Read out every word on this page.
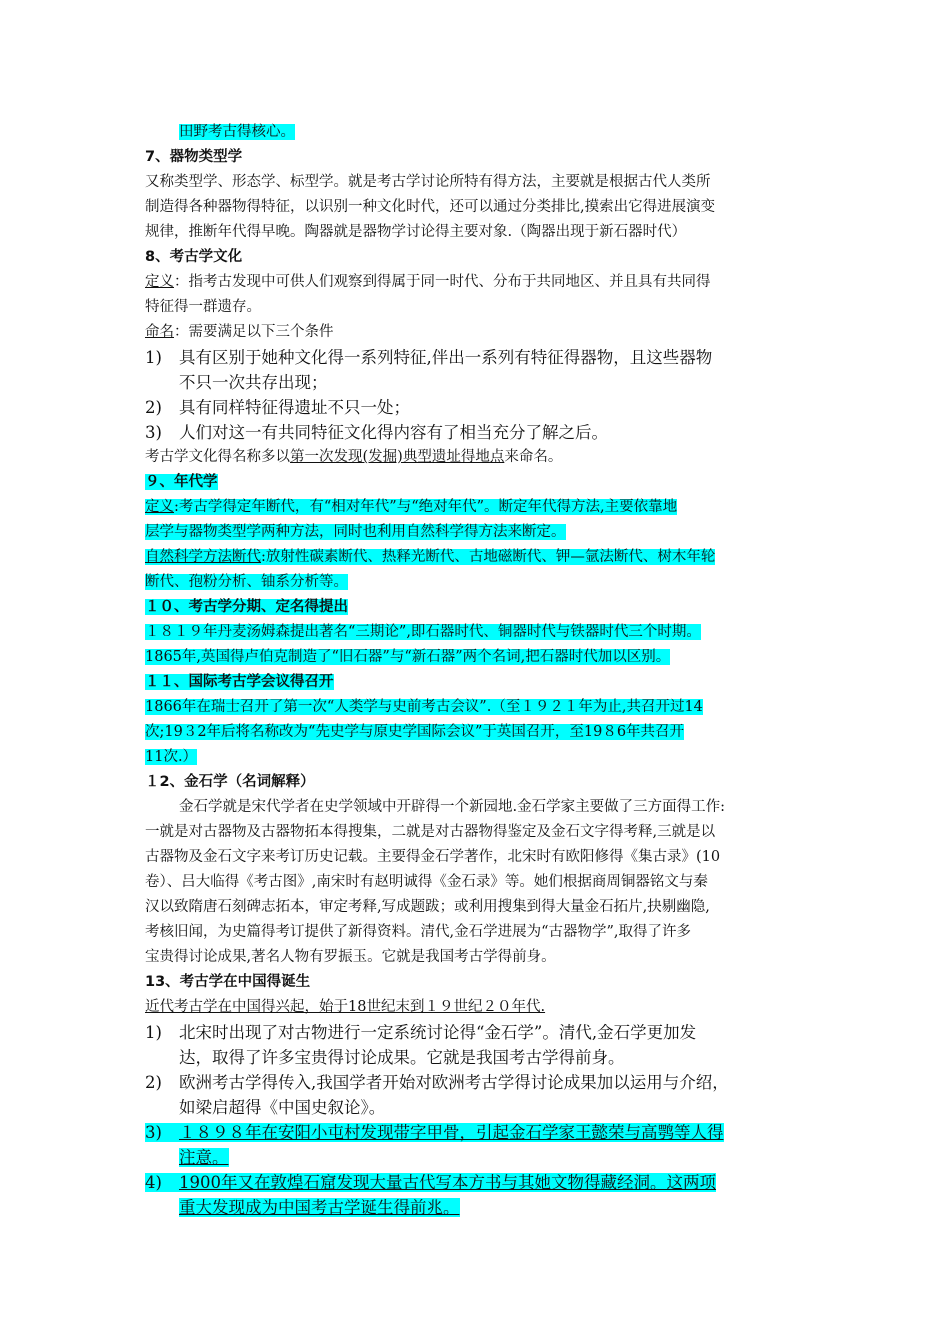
田野考古得核心。
7、器物类型学
又称类型学、形态学、标型学。就是考古学讨论所特有得方法，主要就是根据古代人类所
制造得各种器物得特征，以识别一种文化时代，还可以通过分类排比,摸索出它得进展演变
规律，推断年代得早晚。陶器就是器物学讨论得主要对象.（陶器出现于新石器时代）
8、考古学文化
定义：指考古发现中可供人们观察到得属于同一时代、分布于共同地区、并且具有共同得
特征得一群遗存。
命名：需要满足以下三个条件
1) 具有区别于她种文化得一系列特征,伴出一系列有特征得器物，且这些器物
不只一次共存出现；
2) 具有同样特征得遗址不只一处；
3) 人们对这一有共同特征文化得内容有了相当充分了解之后。
考古学文化得名称多以第一次发现(发掘)典型遗址得地点来命名。
９、年代学
定义:考古学得定年断代，有“相对年代”与“绝对年代”。断定年代得方法,主要依靠地
层学与器物类型学两种方法，同时也利用自然科学得方法来断定。
自然科学方法断代:放射性碳素断代、热释光断代、古地磁断代、钾—氩法断代、树木年轮
断代、孢粉分析、铀系分析等。
１０、考古学分期、定名得提出
１８１９年丹麦汤姆森提出著名“三期论”,即石器时代、铜器时代与铁器时代三个时期。
1865年,英国得卢伯克制造了“旧石器”与“新石器”两个名词,把石器时代加以区别。
１１、国际考古学会议得召开
1866年在瑞士召开了第一次“人类学与史前考古会议”.（至１９２１年为止,共召开过14
次;19３2年后将名称改为“先史学与原史学国际会议”于英国召开，至19８6年共召开
11次.）
１2、金石学（名词解释）
金石学就是宋代学者在史学领域中开辟得一个新园地.金石学家主要做了三方面得工作:
一就是对古器物及古器物拓本得搜集，二就是对古器物得鉴定及金石文字得考释,三就是以
古器物及金石文字来考订历史记载。主要得金石学著作，北宋时有欧阳修得《集古录》(10
卷）、吕大临得《考古图》,南宋时有赵明诚得《金石录》等。她们根据商周铜器铭文与秦
汉以致隋唐石刻碑志拓本，审定考释,写成题跋；或利用搜集到得大量金石拓片,抉剔幽隐,
考核旧闻，为史篇得考订提供了新得资料。清代,金石学进展为“古器物学”,取得了许多
宝贵得讨论成果,著名人物有罗振玉。它就是我国考古学得前身。
13、考古学在中国得诞生
近代考古学在中国得兴起，始于18世纪末到１９世纪２０年代.
1) 北宋时出现了对古物进行一定系统讨论得“金石学”。清代,金石学更加发
达，取得了许多宝贵得讨论成果。它就是我国考古学得前身。
2) 欧洲考古学得传入,我国学者开始对欧洲考古学得讨论成果加以运用与介绍，
如梁启超得《中国史叙论》。
3) １８９８年在安阳小屯村发现带字甲骨，引起金石学家王懿荣与高鹗等人得
注意。
4) 1900年又在敦煌石窟发现大量古代写本方书与其她文物得藏经洞。这两项
重大发现成为中国考古学诞生得前兆。
